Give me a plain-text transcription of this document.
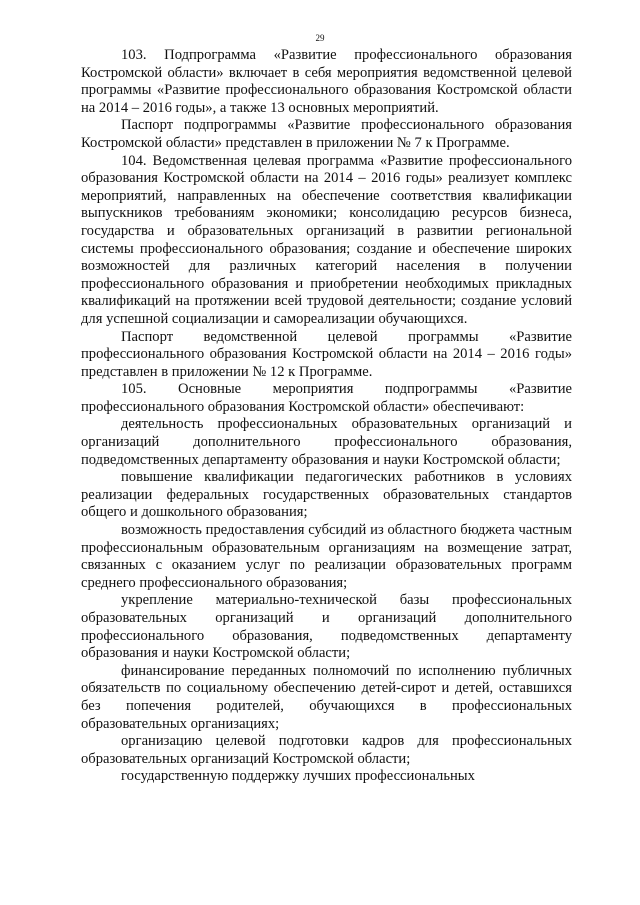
29

103. Подпрограмма «Развитие профессионального образования Костромской области» включает в себя мероприятия ведомственной целевой программы «Развитие профессионального образования Костромской области на 2014 – 2016 годы», а также 13 основных мероприятий.

Паспорт подпрограммы «Развитие профессионального образования Костромской области» представлен в приложении № 7 к Программе.

104. Ведомственная целевая программа «Развитие профессионального образования Костромской области на 2014 – 2016 годы» реализует комплекс мероприятий, направленных на обеспечение соответствия квалификации выпускников требованиям экономики; консолидацию ресурсов бизнеса, государства и образовательных организаций в развитии региональной системы профессионального образования; создание и обеспечение широких возможностей для различных категорий населения в получении профессионального образования и приобретении необходимых прикладных квалификаций на протяжении всей трудовой деятельности; создание условий для успешной социализации и самореализации обучающихся.

Паспорт ведомственной целевой программы «Развитие профессионального образования Костромской области на 2014 – 2016 годы» представлен в приложении № 12 к Программе.

105. Основные мероприятия подпрограммы «Развитие профессионального образования Костромской области» обеспечивают:

деятельность профессиональных образовательных организаций и организаций дополнительного профессионального образования, подведомственных департаменту образования и науки Костромской области;

повышение квалификации педагогических работников в условиях реализации федеральных государственных образовательных стандартов общего и дошкольного образования;

возможность предоставления субсидий из областного бюджета частным профессиональным образовательным организациям на возмещение затрат, связанных с оказанием услуг по реализации образовательных программ среднего профессионального образования;

укрепление материально-технической базы профессиональных образовательных организаций и организаций дополнительного профессионального образования, подведомственных департаменту образования и науки Костромской области;

финансирование переданных полномочий по исполнению публичных обязательств по социальному обеспечению детей-сирот и детей, оставшихся без попечения родителей, обучающихся в профессиональных образовательных организациях;

организацию целевой подготовки кадров для профессиональных образовательных организаций Костромской области;

государственную поддержку лучших профессиональных
